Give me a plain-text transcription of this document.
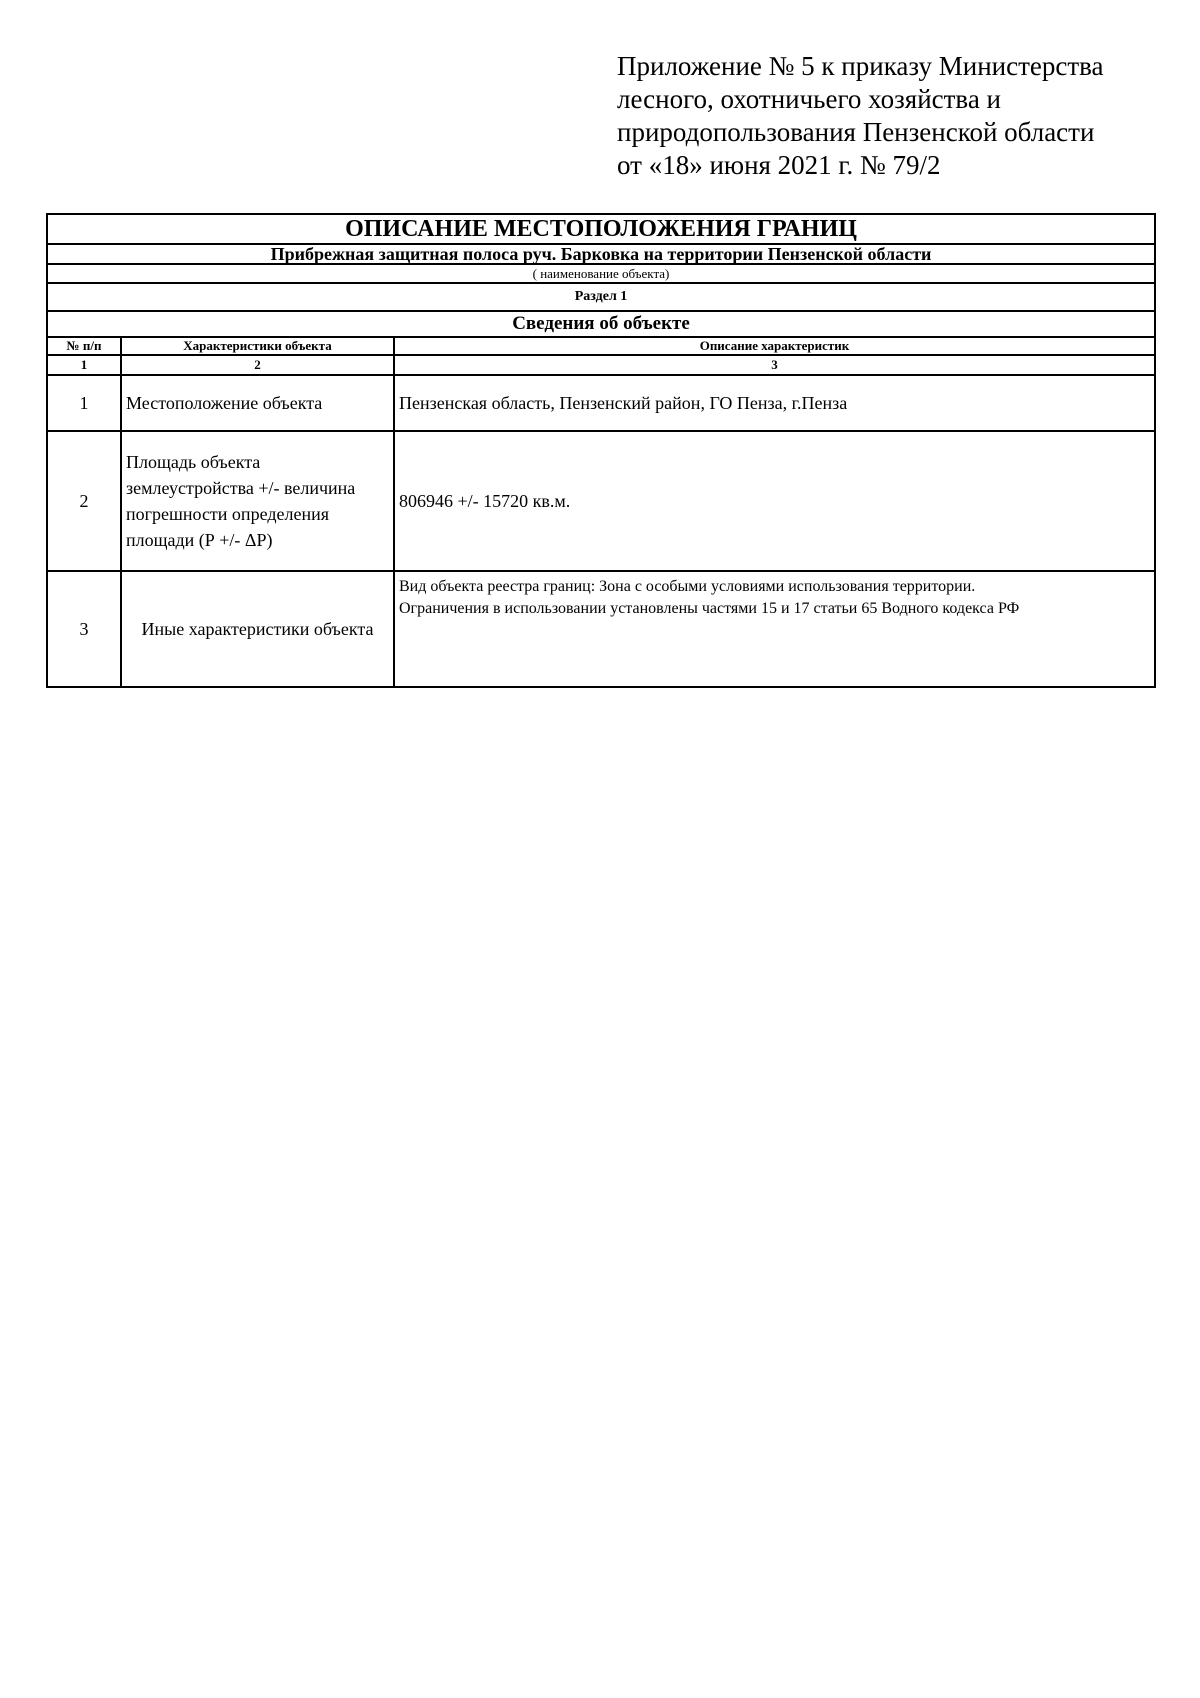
Приложение № 5 к приказу Министерства
лесного, охотничьего хозяйства и
природопользования Пензенской области
от «18» июня 2021 г. № 79/2
ОПИСАНИЕ МЕСТОПОЛОЖЕНИЯ ГРАНИЦ		
Прибрежная защитная полоса руч. Барковка на территории Пензенской области		
( наименование объекта)		
Раздел 1		
Сведения об объекте		
№ п/п	Характеристики объекта	Описание характеристик
1	2	3
1	Местоположение объекта	Пензенская область, Пензенский район, ГО Пенза, г.Пенза
2	Площадь объекта землеустройства +/- величина погрешности определения площади (Р +/- ΔР)	806946 +/- 15720 кв.м.
3	Иные характеристики объекта	Вид объекта реестра границ: Зона с особыми условиями использования территории.
Ограничения в использовании установлены частями 15 и 17 статьи 65 Водного кодекса РФ
